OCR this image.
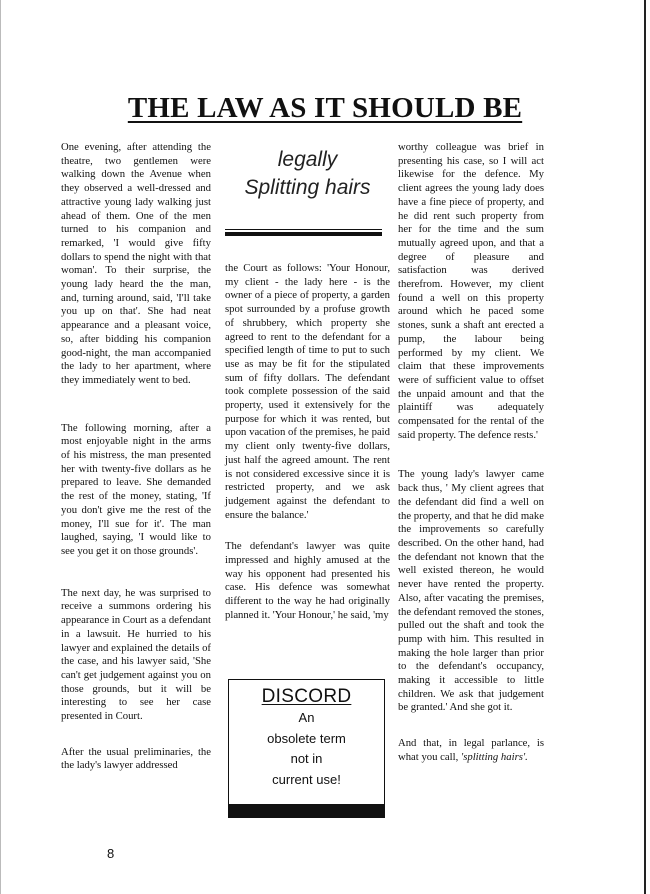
THE LAW AS IT SHOULD BE

One evening, after attending the theatre, two gentlemen were walking down the Avenue when they observed a well-dressed and attractive young lady walking just ahead of them. One of the men turned to his companion and remarked, 'I would give fifty dollars to spend the night with that woman'. To their surprise, the young lady heard the the man, and, turning around, said, 'I'll take you up on that'. She had neat appearance and a pleasant voice, so, after bidding his companion good-night, the man accompanied the lady to her apartment, where they immediately went to bed.

The following morning, after a most enjoyable night in the arms of his mistress, the man presented her with twenty-five dollars as he prepared to leave. She demanded the rest of the money, stating, 'If you don't give me the rest of the money, I'll sue for it'. The man laughed, saying, 'I would like to see you get it on those grounds'.

The next day, he was surprised to receive a summons ordering his appearance in Court as a defendant in a lawsuit. He hurried to his lawyer and explained the details of the case, and his lawyer said, 'She can't get judgement against you on those grounds, but it will be interesting to see her case presented in Court.

After the usual preliminaries, the the lady's lawyer addressed

legally
Splitting hairs

the Court as follows: 'Your Honour, my client - the lady here - is the owner of a piece of property, a garden spot surrounded by a profuse growth of shrubbery, which property she agreed to rent to the defendant for a specified length of time to put to such use as may be fit for the stipulated sum of fifty dollars. The defendant took complete possession of the said property, used it extensively for the purpose for which it was rented, but upon vacation of the premises, he paid my client only twenty-five dollars, just half the agreed amount. The rent is not considered excessive since it is restricted property, and we ask judgement against the defendant to ensure the balance.'

The defendant's lawyer was quite impressed and highly amused at the way his opponent had presented his case. His defence was somewhat different to the way he had originally planned it. 'Your Honour,' he said, 'my

DISCORD
An
obsolete term
not in
current use!

worthy colleague was brief in presenting his case, so I will act likewise for the defence. My client agrees the young lady does have a fine piece of property, and he did rent such property from her for the time and the sum mutually agreed upon, and that a degree of pleasure and satisfaction was derived therefrom. However, my client found a well on this property around which he paced some stones, sunk a shaft ant erected a pump, the labour being performed by my client. We claim that these improvements were of sufficient value to offset the unpaid amount and that the plaintiff was adequately compensated for the rental of the said property. The defence rests.'

The young lady's lawyer came back thus, ' My client agrees that the defendant did find a well on the property, and that he did make the improvements so carefully described. On the other hand, had the defendant not known that the well existed thereon, he would never have rented the property. Also, after vacating the premises, the defendant removed the stones, pulled out the shaft and took the pump with him. This resulted in making the hole larger than prior to the defendant's occupancy, making it accessible to little children. We ask that judgement be granted.' And she got it.

And that, in legal parlance, is what you call, 'splitting hairs'.

8
